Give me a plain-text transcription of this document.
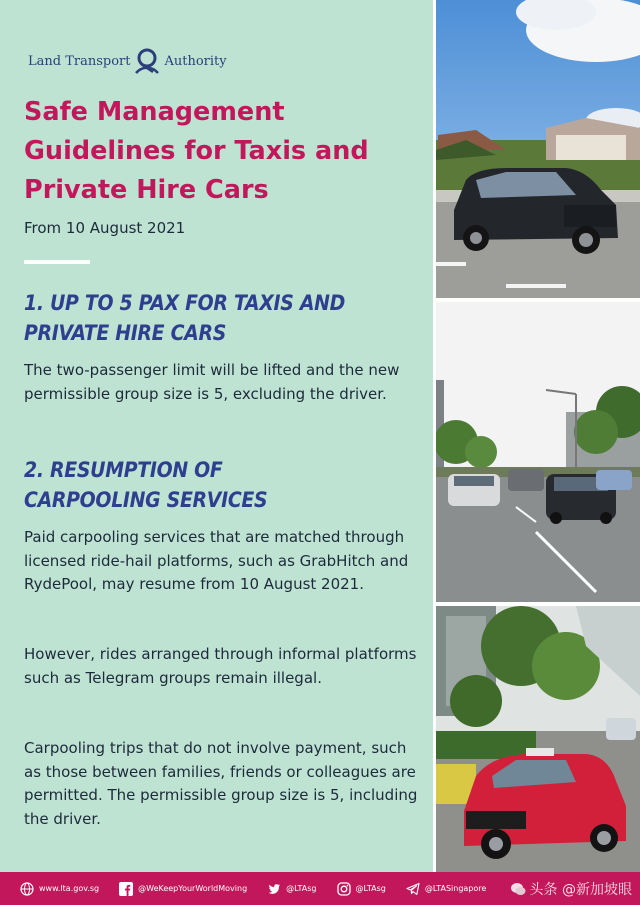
Land Transport	Authority
Safe Management
Guidelines for Taxis and
Private Hire Cars
From 10 August 2021
1. UP TO 5 PAX FOR TAXIS AND
PRIVATE HIRE CARS

The two-passenger limit will be lifted and the new permissible group size is 5, excluding the driver.

2. RESUMPTION OF
CARPOOLING SERVICES

Paid carpooling services that are matched through licensed ride-hail platforms, such as GrabHitch and RydePool, may resume from 10 August 2021.

However, rides arranged through informal platforms such as Telegram groups remain illegal.

Carpooling trips that do not involve payment, such as those between families, friends or colleagues are permitted. The permissible group size is 5, including the driver.

www.lta.gov.sg	@WeKeepYourWorldMoving	@LTAsg	@LTAsg	@LTASingapore	头条 @新加坡眼
